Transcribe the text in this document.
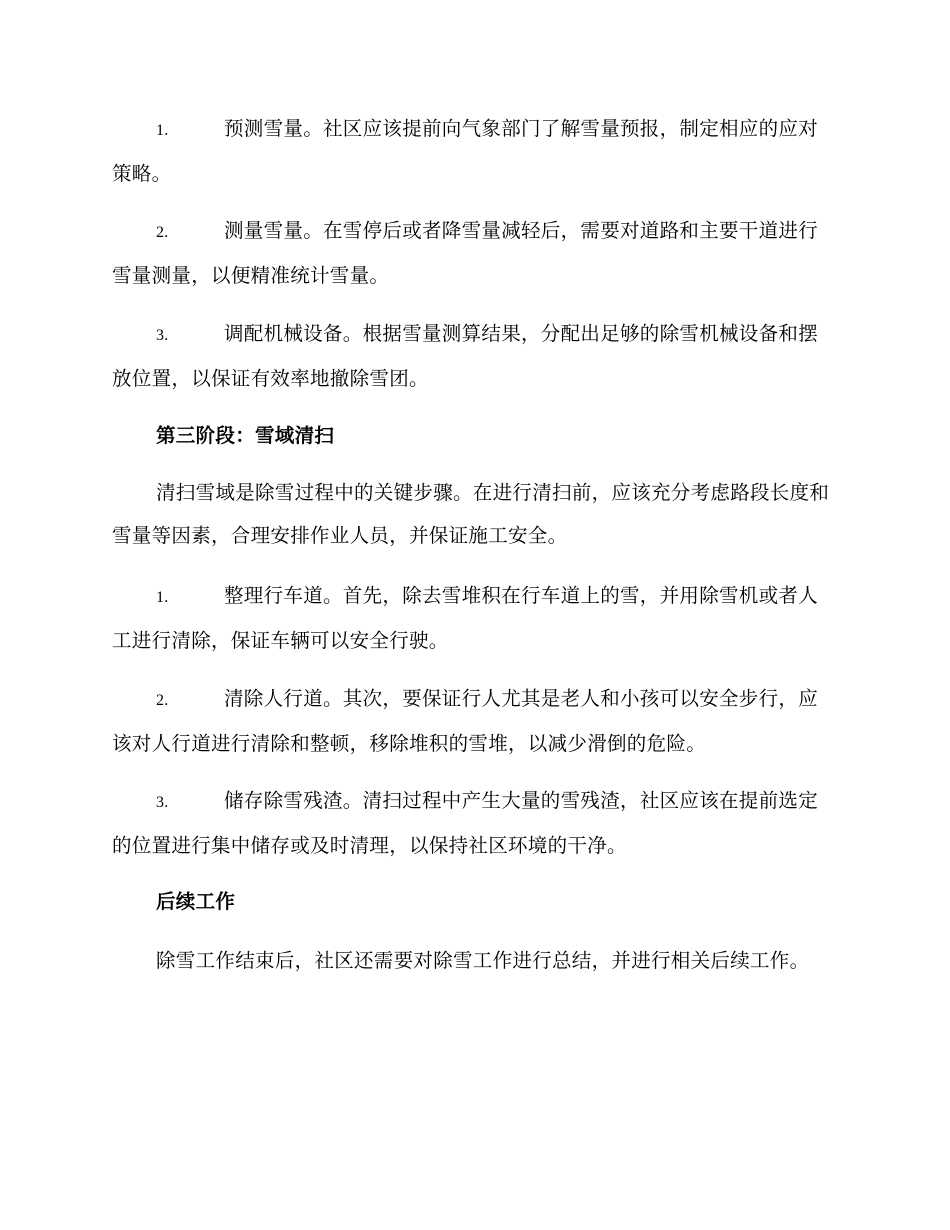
1.	预测雪量。社区应该提前向气象部门了解雪量预报，制定相应的应对策略。
2.	测量雪量。在雪停后或者降雪量减轻后，需要对道路和主要干道进行雪量测量，以便精准统计雪量。
3.	调配机械设备。根据雪量测算结果，分配出足够的除雪机械设备和摆放位置，以保证有效率地撤除雪团。
第三阶段：雪域清扫
清扫雪域是除雪过程中的关键步骤。在进行清扫前，应该充分考虑路段长度和雪量等因素，合理安排作业人员，并保证施工安全。
1.	整理行车道。首先，除去雪堆积在行车道上的雪，并用除雪机或者人工进行清除，保证车辆可以安全行驶。
2.	清除人行道。其次，要保证行人尤其是老人和小孩可以安全步行，应该对人行道进行清除和整顿，移除堆积的雪堆，以减少滑倒的危险。
3.	储存除雪残渣。清扫过程中产生大量的雪残渣，社区应该在提前选定的位置进行集中储存或及时清理，以保持社区环境的干净。
后续工作
除雪工作结束后，社区还需要对除雪工作进行总结，并进行相关后续工作。
